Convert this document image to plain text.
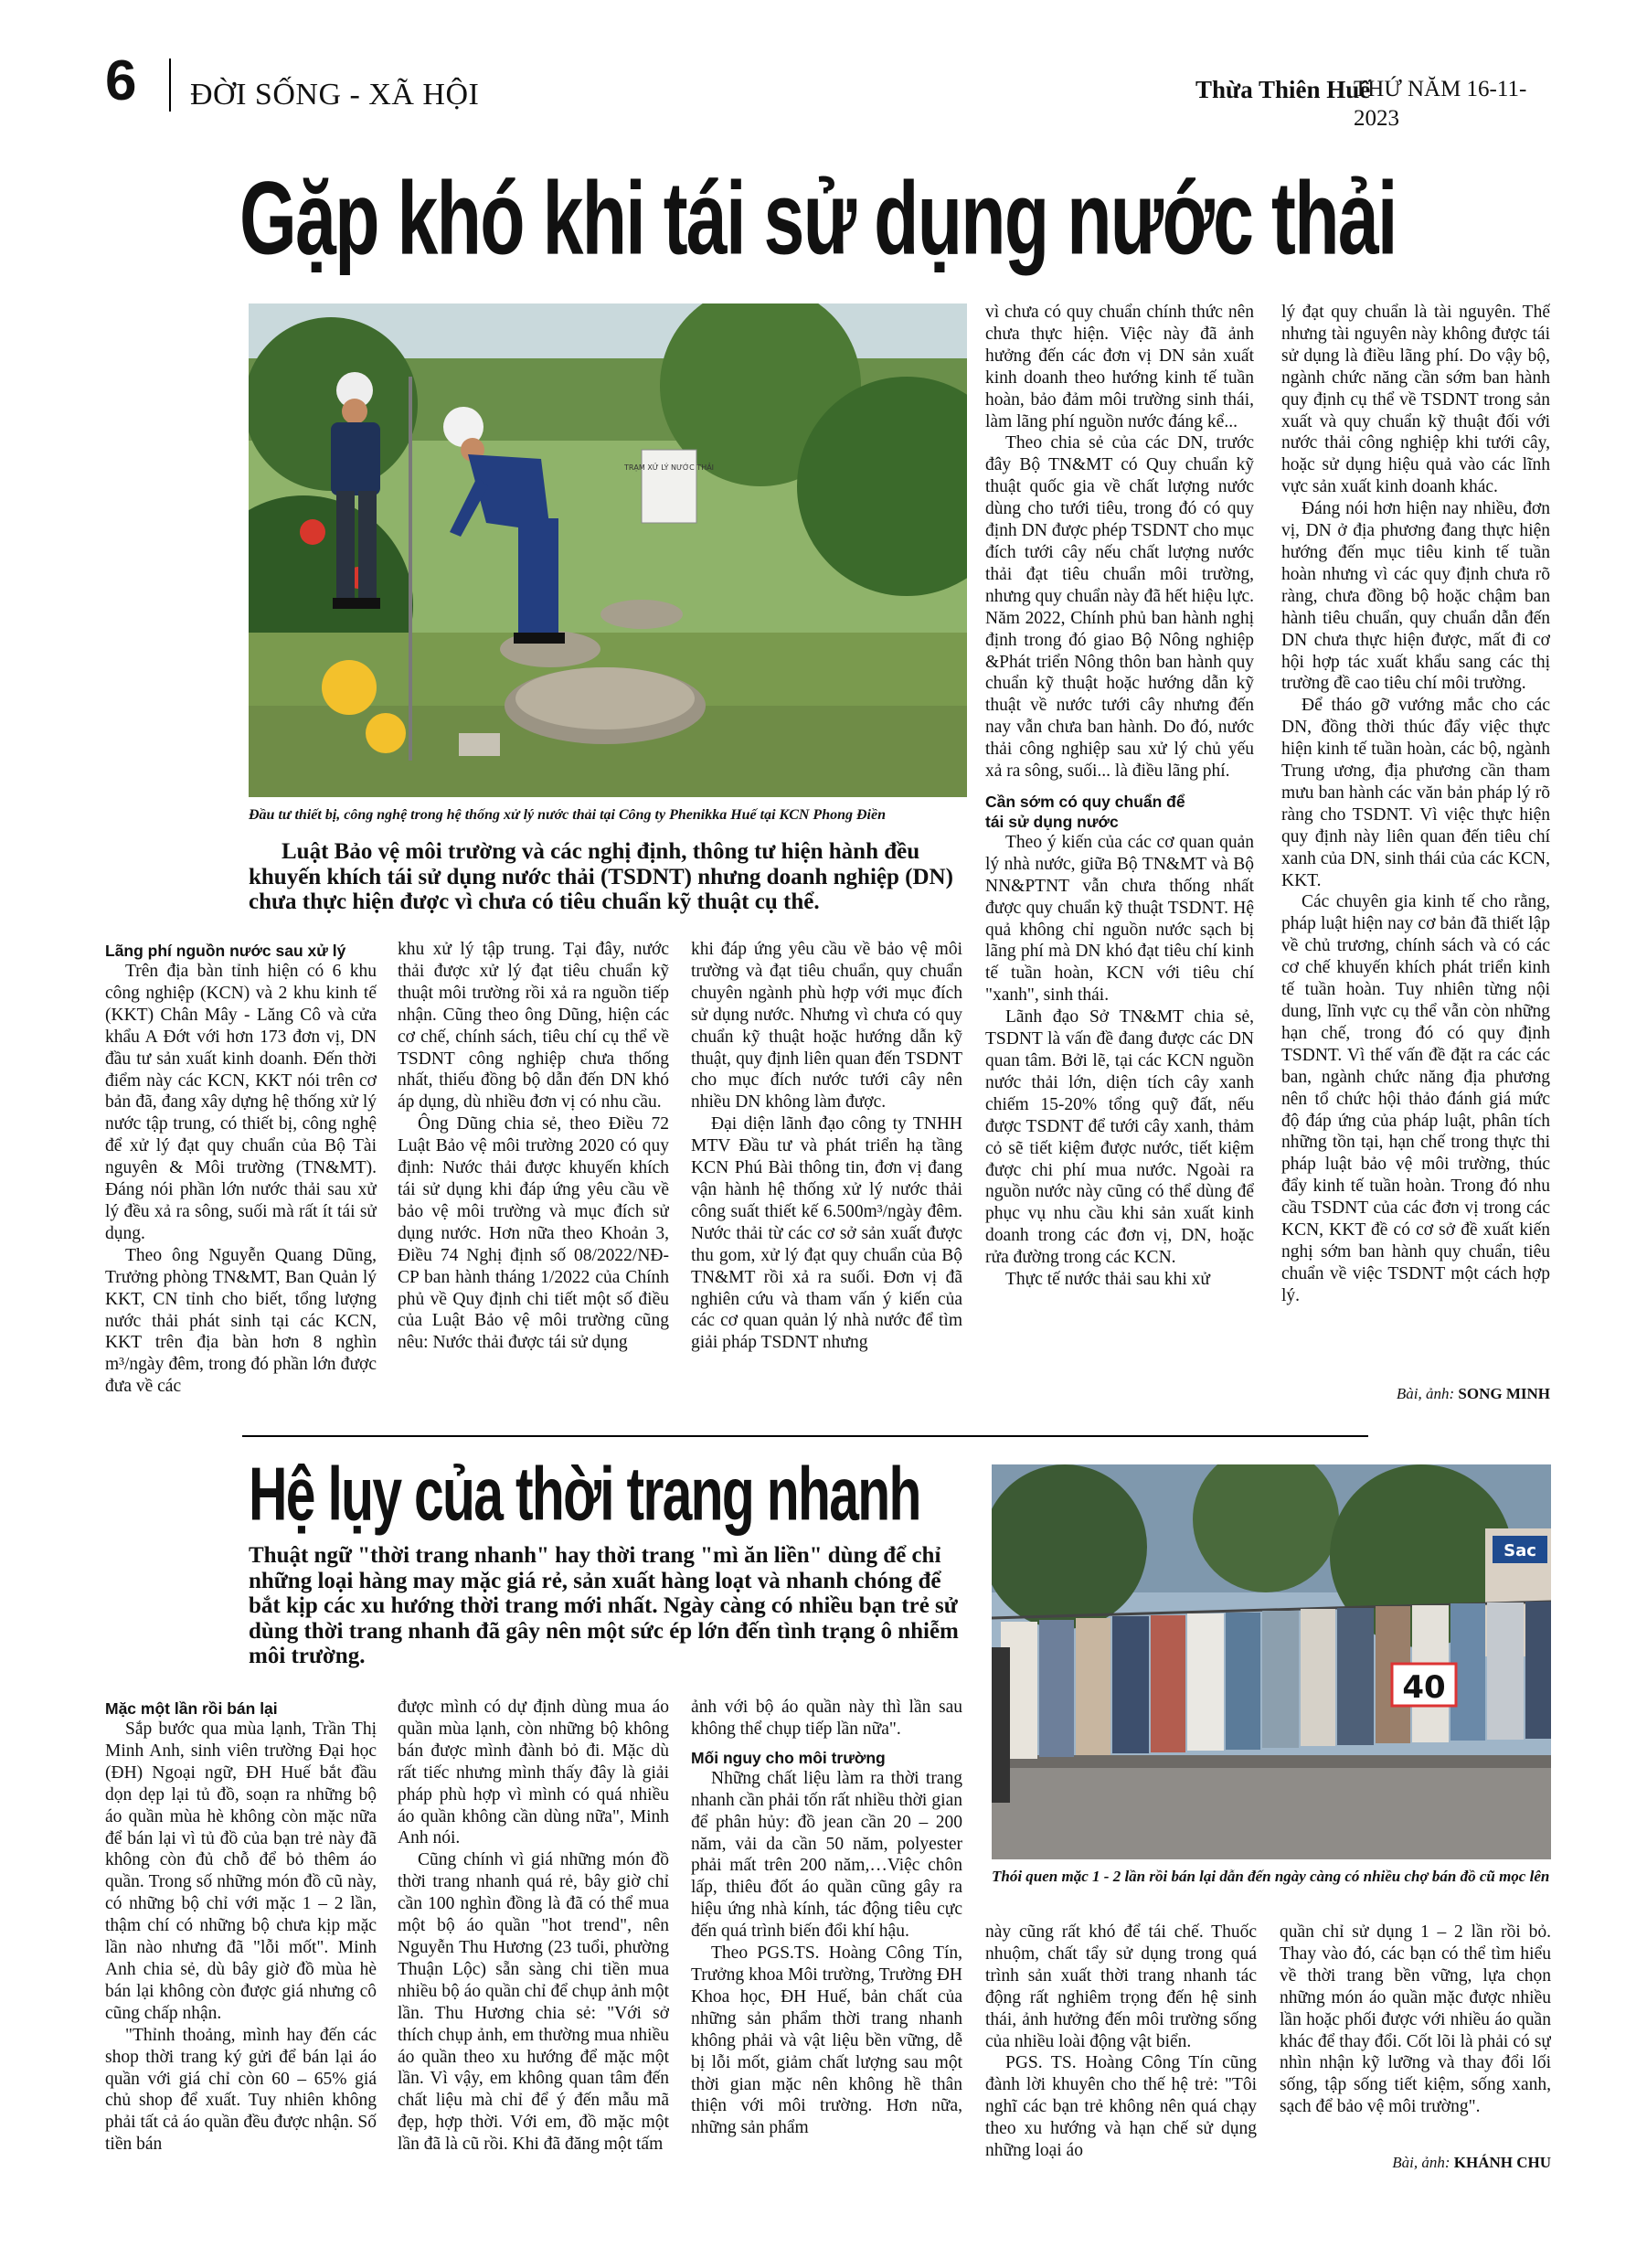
6 ĐỜI SỐNG - XÃ HỘI	Thừa Thiên Huế
THỨ NĂM 16-11-2023
Gặp khó khi tái sử dụng nước thải
TRẠM XỬ LÝ NƯỚC THẢI
Đầu tư thiết bị, công nghệ trong hệ thống xử lý nước thải tại Công ty Phenikka Huế tại KCN Phong Điền
Luật Bảo vệ môi trường và các nghị định, thông tư hiện hành đều khuyến khích tái sử dụng nước thải (TSDNT) nhưng doanh nghiệp (DN) chưa thực hiện được vì chưa có tiêu chuẩn kỹ thuật cụ thể.

vì chưa có quy chuẩn chính thức nên chưa thực hiện. Việc này đã ảnh hưởng đến các đơn vị DN sản xuất kinh doanh theo hướng kinh tế tuần hoàn, bảo đảm môi trường sinh thái, làm lãng phí nguồn nước đáng kể...

Theo chia sẻ của các DN, trước đây Bộ TN&MT có Quy chuẩn kỹ thuật quốc gia về chất lượng nước dùng cho tưới tiêu, trong đó có quy định DN được phép TSDNT cho mục đích tưới cây nếu chất lượng nước thải đạt tiêu chuẩn môi trường, nhưng quy chuẩn này đã hết hiệu lực. Năm 2022, Chính phủ ban hành nghị định trong đó giao Bộ Nông nghiệp &Phát triển Nông thôn ban hành quy chuẩn kỹ thuật hoặc hướng dẫn kỹ thuật về nước tưới cây nhưng đến nay vẫn chưa ban hành. Do đó, nước thải công nghiệp sau xử lý chủ yếu xả ra sông, suối... là điều lãng phí.

Cần sớm có quy chuẩn để tái sử dụng nước

Theo ý kiến của các cơ quan quản lý nhà nước, giữa Bộ TN&MT và Bộ NN&PTNT vẫn chưa thống nhất được quy chuẩn kỹ thuật TSDNT. Hệ quả không chỉ nguồn nước sạch bị lãng phí mà DN khó đạt tiêu chí kinh tế tuần hoàn, KCN với tiêu chí "xanh", sinh thái.

Lãnh đạo Sở TN&MT chia sẻ, TSDNT là vấn đề đang được các DN quan tâm. Bởi lẽ, tại các KCN nguồn nước thải lớn, diện tích cây xanh chiếm 15-20% tổng quỹ đất, nếu được TSDNT để tưới cây xanh, thảm cỏ sẽ tiết kiệm được nước, tiết kiệm được chi phí mua nước. Ngoài ra nguồn nước này cũng có thể dùng để phục vụ nhu cầu khi sản xuất kinh doanh trong các đơn vị, DN, hoặc rửa đường trong các KCN.

Thực tế nước thải sau khi xử

lý đạt quy chuẩn là tài nguyên. Thế nhưng tài nguyên này không được tái sử dụng là điều lãng phí. Do vậy bộ, ngành chức năng cần sớm ban hành quy định cụ thể về TSDNT trong sản xuất và quy chuẩn kỹ thuật đối với nước thải công nghiệp khi tưới cây, hoặc sử dụng hiệu quả vào các lĩnh vực sản xuất kinh doanh khác.

Đáng nói hơn hiện nay nhiều, đơn vị, DN ở địa phương đang thực hiện hướng đến mục tiêu kinh tế tuần hoàn nhưng vì các quy định chưa rõ ràng, chưa đồng bộ hoặc chậm ban hành tiêu chuẩn, quy chuẩn dẫn đến DN chưa thực hiện được, mất đi cơ hội hợp tác xuất khẩu sang các thị trường đề cao tiêu chí môi trường.

Để tháo gỡ vướng mắc cho các DN, đồng thời thúc đẩy việc thực hiện kinh tế tuần hoàn, các bộ, ngành Trung ương, địa phương cần tham mưu ban hành các văn bản pháp lý rõ ràng cho TSDNT. Vì việc thực hiện quy định này liên quan đến tiêu chí xanh của DN, sinh thái của các KCN, KKT.

Các chuyên gia kinh tế cho rằng, pháp luật hiện nay cơ bản đã thiết lập về chủ trương, chính sách và có các cơ chế khuyến khích phát triển kinh tế tuần hoàn. Tuy nhiên từng nội dung, lĩnh vực cụ thể vẫn còn những hạn chế, trong đó có quy định TSDNT. Vì thế vấn đề đặt ra các các ban, ngành chức năng địa phương nên tổ chức hội thảo đánh giá mức độ đáp ứng của pháp luật, phân tích những tồn tại, hạn chế trong thực thi pháp luật bảo vệ môi trường, thúc đẩy kinh tế tuần hoàn. Trong đó nhu cầu TSDNT của các đơn vị trong các KCN, KKT đề có cơ sở đề xuất kiến nghị sớm ban hành quy chuẩn, tiêu chuẩn về việc TSDNT một cách hợp lý.

Bài, ảnh: SONG MINH
Lãng phí nguồn nước sau xử lý

Trên địa bàn tỉnh hiện có 6 khu công nghiệp (KCN) và 2 khu kinh tế (KKT) Chân Mây - Lăng Cô và cửa khẩu A Đớt với hơn 173 đơn vị, DN đầu tư sản xuất kinh doanh. Đến thời điểm này các KCN, KKT nói trên cơ bản đã, đang xây dựng hệ thống xử lý nước tập trung, có thiết bị, công nghệ để xử lý đạt quy chuẩn của Bộ Tài nguyên & Môi trường (TN&MT). Đáng nói phần lớn nước thải sau xử lý đều xả ra sông, suối mà rất ít tái sử dụng.

Theo ông Nguyễn Quang Dũng, Trưởng phòng TN&MT, Ban Quản lý KKT, CN tỉnh cho biết, tổng lượng nước thải phát sinh tại các KCN, KKT trên địa bàn hơn 8 nghìn m³/ngày đêm, trong đó phần lớn được đưa về các

khu xử lý tập trung. Tại đây, nước thải được xử lý đạt tiêu chuẩn kỹ thuật môi trường rồi xả ra nguồn tiếp nhận. Cũng theo ông Dũng, hiện các cơ chế, chính sách, tiêu chí cụ thể về TSDNT công nghiệp chưa thống nhất, thiếu đồng bộ dẫn đến DN khó áp dụng, dù nhiều đơn vị có nhu cầu.

Ông Dũng chia sẻ, theo Điều 72 Luật Bảo vệ môi trường 2020 có quy định: Nước thải được khuyến khích tái sử dụng khi đáp ứng yêu cầu về bảo vệ môi trường và mục đích sử dụng nước. Hơn nữa theo Khoản 3, Điều 74 Nghị định số 08/2022/NĐ-CP ban hành tháng 1/2022 của Chính phủ về Quy định chi tiết một số điều của Luật Bảo vệ môi trường cũng nêu: Nước thải được tái sử dụng

khi đáp ứng yêu cầu về bảo vệ môi trường và đạt tiêu chuẩn, quy chuẩn chuyên ngành phù hợp với mục đích sử dụng nước. Nhưng vì chưa có quy chuẩn kỹ thuật hoặc hướng dẫn kỹ thuật, quy định liên quan đến TSDNT cho mục đích nước tưới cây nên nhiều DN không làm được.

Đại diện lãnh đạo công ty TNHH MTV Đầu tư và phát triển hạ tầng KCN Phú Bài thông tin, đơn vị đang vận hành hệ thống xử lý nước thải công suất thiết kế 6.500m³/ngày đêm. Nước thải từ các cơ sở sản xuất được thu gom, xử lý đạt quy chuẩn của Bộ TN&MT rồi xả ra suối. Đơn vị đã nghiên cứu và tham vấn ý kiến của các cơ quan quản lý nhà nước để tìm giải pháp TSDNT nhưng

Hệ lụy của thời trang nhanh
Thuật ngữ "thời trang nhanh" hay thời trang "mì ăn liền" dùng để chỉ những loại hàng may mặc giá rẻ, sản xuất hàng loạt và nhanh chóng để bắt kịp các xu hướng thời trang mới nhất. Ngày càng có nhiều bạn trẻ sử dùng thời trang nhanh đã gây nên một sức ép lớn đến tình trạng ô nhiễm môi trường.
Sac
40
Thói quen mặc 1 - 2 lần rồi bán lại dẫn đến ngày càng có nhiều chợ bán đồ cũ mọc lên
Mặc một lần rồi bán lại

Sắp bước qua mùa lạnh, Trần Thị Minh Anh, sinh viên trường Đại học (ĐH) Ngoại ngữ, ĐH Huế bắt đầu dọn dẹp lại tủ đồ, soạn ra những bộ áo quần mùa hè không còn mặc nữa để bán lại vì tủ đồ của bạn trẻ này đã không còn đủ chỗ để bỏ thêm áo quần. Trong số những món đồ cũ này, có những bộ chỉ với mặc 1 – 2 lần, thậm chí có những bộ chưa kịp mặc lần nào nhưng đã "lỗi mốt". Minh Anh chia sẻ, dù bây giờ đồ mùa hè bán lại không còn được giá nhưng cô cũng chấp nhận.

"Thỉnh thoảng, mình hay đến các shop thời trang ký gửi để bán lại áo quần với giá chỉ còn 60 – 65% giá chủ shop để xuất. Tuy nhiên không phải tất cả áo quần đều được nhận. Số tiền bán

được mình có dự định dùng mua áo quần mùa lạnh, còn những bộ không bán được mình đành bỏ đi. Mặc dù rất tiếc nhưng mình thấy đây là giải pháp phù hợp vì mình có quá nhiều áo quần không cần dùng nữa", Minh Anh nói.

Cũng chính vì giá những món đồ thời trang nhanh quá rẻ, bây giờ chỉ cần 100 nghìn đồng là đã có thể mua một bộ áo quần "hot trend", nên Nguyễn Thu Hương (23 tuổi, phường Thuận Lộc) sẵn sàng chi tiền mua nhiều bộ áo quần chỉ để chụp ảnh một lần. Thu Hương chia sẻ: "Với sở thích chụp ảnh, em thường mua nhiều áo quần theo xu hướng để mặc một lần. Vì vậy, em không quan tâm đến chất liệu mà chỉ để ý đến mẫu mã đẹp, hợp thời. Với em, đồ mặc một lần đã là cũ rồi. Khi đã đăng một tấm

ảnh với bộ áo quần này thì lần sau không thể chụp tiếp lần nữa".

Mối nguy cho môi trường

Những chất liệu làm ra thời trang nhanh cần phải tốn rất nhiều thời gian để phân hủy: đồ jean cần 20 – 200 năm, vải da cần 50 năm, polyester phải mất trên 200 năm,…Việc chôn lấp, thiêu đốt áo quần cũng gây ra hiệu ứng nhà kính, tác động tiêu cực đến quá trình biến đổi khí hậu.

Theo PGS.TS. Hoàng Công Tín, Trưởng khoa Môi trường, Trường ĐH Khoa học, ĐH Huế, bản chất của những sản phẩm thời trang nhanh không phải và vật liệu bền vững, dễ bị lỗi mốt, giảm chất lượng sau một thời gian mặc nên không hề thân thiện với môi trường. Hơn nữa, những sản phẩm

này cũng rất khó để tái chế. Thuốc nhuộm, chất tẩy sử dụng trong quá trình sản xuất thời trang nhanh tác động rất nghiêm trọng đến hệ sinh thái, ảnh hưởng đến môi trường sống của nhiều loài động vật biển.

PGS. TS. Hoàng Công Tín cũng đành lời khuyên cho thế hệ trẻ: "Tôi nghĩ các bạn trẻ không nên quá chạy theo xu hướng và hạn chế sử dụng những loại áo

quần chỉ sử dụng 1 – 2 lần rồi bỏ. Thay vào đó, các bạn có thể tìm hiểu về thời trang bền vững, lựa chọn những món áo quần mặc được nhiều lần hoặc phối được với nhiều áo quần khác để thay đổi. Cốt lõi là phải có sự nhìn nhận kỹ lưỡng và thay đổi lối sống, tập sống tiết kiệm, sống xanh, sạch để bảo vệ môi trường".

Bài, ảnh: KHÁNH CHU
